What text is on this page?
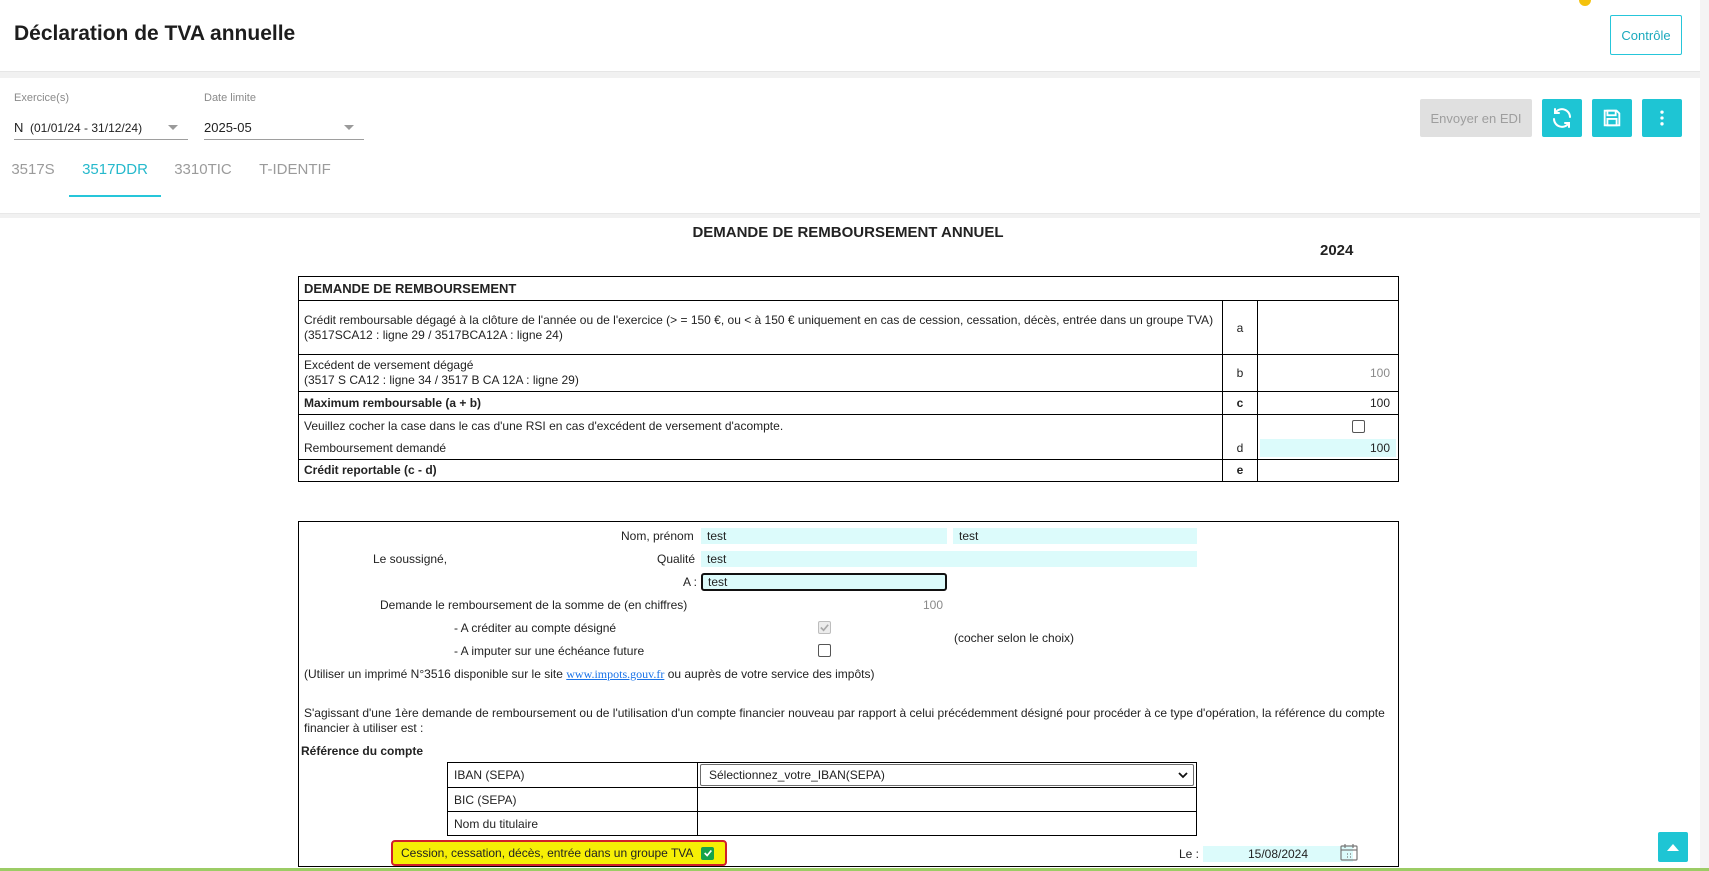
Déclaration de TVA annuelle	Contrôle
Exercice(s)
N (01/01/24 - 31/12/24)
Date limite
2025-05
Envoyer en EDI
3517S	3517DDR	3310TIC	T-IDENTIF
DEMANDE DE REMBOURSEMENT ANNUEL
2024
DEMANDE DE REMBOURSEMENT		
Crédit remboursable dégagé à la clôture de l'année ou de l'exercice (> = 150 €, ou < à 150 € uniquement en cas de cession, cessation, décès, entrée dans un groupe TVA)
(3517SCA12 : ligne 29 / 3517BCA12A : ligne 24)	a	
Excédent de versement dégagé
(3517 S CA12 : ligne 34 / 3517 B CA 12A : ligne 29)	b	100
Maximum remboursable (a + b)	c	100
Veuillez cocher la case dans le cas d'une RSI en cas d'excédent de versement d'acompte.		
Remboursement demandé	d	100
Crédit reportable (c - d)	e	
Le soussigné,
Nom, prénom	test	test
Qualité test
A : test
Demande le remboursement de la somme de (en chiffres)	100
- A créditer au compte désigné
(cocher selon le choix)
- A imputer sur une échéance future
(Utiliser un imprimé N°3516 disponible sur le site www.impots.gouv.fr ou auprès de votre service des impôts)
S'agissant d'une 1ère demande de remboursement ou de l'utilisation d'un compte financier nouveau par rapport à celui précédemment désigné pour procéder à ce type d'opération, la référence du compte financier à utiliser est :
Référence du compte
IBAN (SEPA)	Sélectionnez_votre_IBAN(SEPA)

BIC (SEPA)	
Nom du titulaire	
Cession, cessation, décès, entrée dans un groupe TVA	Le :	15/08/2024
